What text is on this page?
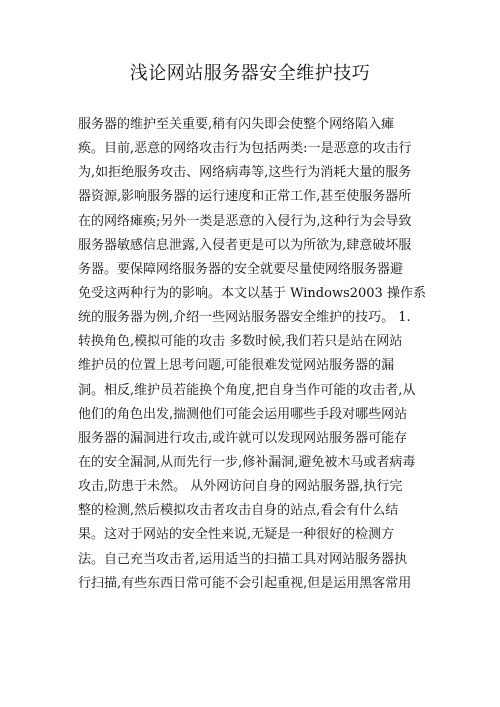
浅论网站服务器安全维护技巧
服务器的维护至关重要,稍有闪失即会使整个网络陷入瘫
痪。目前,恶意的网络攻击行为包括两类:一是恶意的攻击行
为,如拒绝服务攻击、网络病毒等,这些行为消耗大量的服务
器资源,影响服务器的运行速度和正常工作,甚至使服务器所
在的网络瘫痪;另外一类是恶意的入侵行为,这种行为会导致
服务器敏感信息泄露,入侵者更是可以为所欲为,肆意破坏服
务器。要保障网络服务器的安全就要尽量使网络服务器避
免受这两种行为的影响。本文以基于 Windows2003 操作系
统的服务器为例,介绍一些网站服务器安全维护的技巧。 1.
转换角色,模拟可能的攻击 多数时候,我们若只是站在网站
维护员的位置上思考问题,可能很难发觉网站服务器的漏
洞。相反,维护员若能换个角度,把自身当作可能的攻击者,从
他们的角色出发,揣测他们可能会运用哪些手段对哪些网站
服务器的漏洞进行攻击,或许就可以发现网站服务器可能存
在的安全漏洞,从而先行一步,修补漏洞,避免被木马或者病毒
攻击,防患于未然。 从外网访问自身的网站服务器,执行完
整的检测,然后模拟攻击者攻击自身的站点,看会有什么结
果。这对于网站的安全性来说,无疑是一种很好的检测方
法。自己充当攻击者,运用适当的扫描工具对网站服务器执
行扫描,有些东西日常可能不会引起重视,但是运用黑客常用
